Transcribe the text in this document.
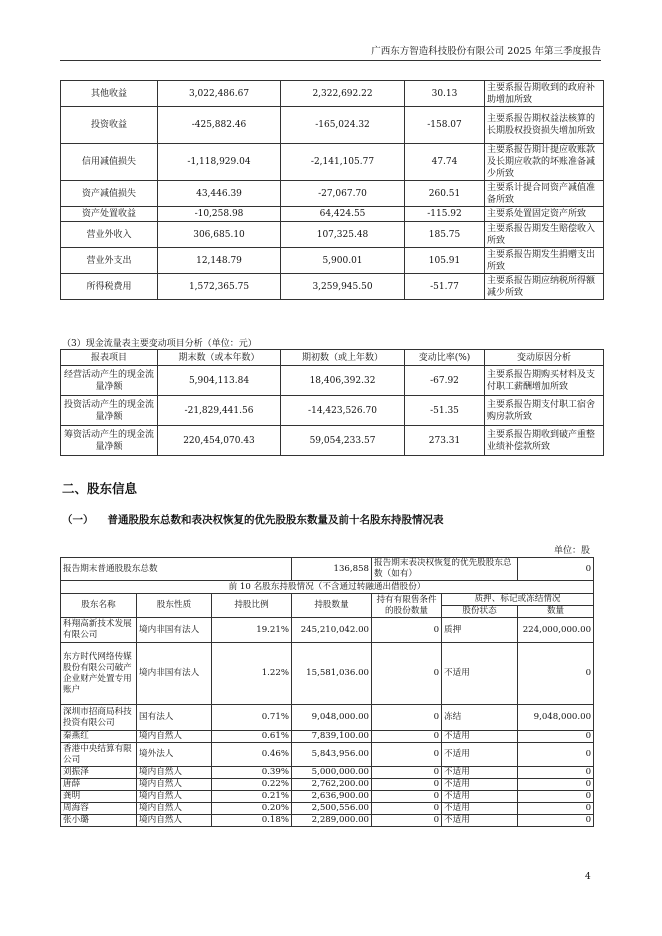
广西东方智造科技股份有限公司 2025 年第三季度报告
其他收益	3,022,486.67	2,322,692.22	30.13	主要系报告期收到的政府补助增加所致
投资收益	-425,882.46	-165,024.32	-158.07	主要系报告期权益法核算的长期股权投资损失增加所致
信用减值损失	-1,118,929.04	-2,141,105.77	47.74	主要系报告期计提应收账款及长期应收款的坏账准备减少所致
资产减值损失	43,446.39	-27,067.70	260.51	主要系计提合同资产减值准备所致
资产处置收益	-10,258.98	64,424.55	-115.92	主要系处置固定资产所致
营业外收入	306,685.10	107,325.48	185.75	主要系报告期发生赔偿收入所致
营业外支出	12,148.79	5,900.01	105.91	主要系报告期发生捐赠支出所致
所得税费用	1,572,365.75	3,259,945.50	-51.77	主要系报告期应纳税所得额减少所致
（3）现金流量表主要变动项目分析（单位：元）
报表项目	期末数（或本年数）	期初数（或上年数）	变动比率(%)	变动原因分析
经营活动产生的现金流量净额	5,904,113.84	18,406,392.32	-67.92	主要系报告期购买材料及支付职工薪酬增加所致
投资活动产生的现金流量净额	-21,829,441.56	-14,423,526.70	-51.35	主要系报告期支付职工宿舍购房款所致
筹资活动产生的现金流量净额	220,454,070.43	59,054,233.57	273.31	主要系报告期收到破产重整业绩补偿款所致
二、股东信息
（一） 普通股股东总数和表决权恢复的优先股股东数量及前十名股东持股情况表
单位：股
报告期末普通股股东总数			136,858	报告期末表决权恢复的优先股股东总数（如有）		0
前 10 名股东持股情况（不含通过转融通出借股份）						
股东名称	股东性质	持股比例	持股数量	持有有限售条件的股份数量	质押、标记或冻结情况	
					股份状态	数量
科翔高新技术发展有限公司	境内非国有法人	19.21%	245,210,042.00	0	质押	224,000,000.00
东方时代网络传媒股份有限公司破产企业财产处置专用账户	境内非国有法人	1.22%	15,581,036.00	0	不适用	0
深圳市招商局科技投资有限公司	国有法人	0.71%	9,048,000.00	0	冻结	9,048,000.00
秦燕红	境内自然人	0.61%	7,839,100.00	0	不适用	0
香港中央结算有限公司	境外法人	0.46%	5,843,956.00	0	不适用	0
刘振泽	境内自然人	0.39%	5,000,000.00	0	不适用	0
唐薛	境内自然人	0.22%	2,762,200.00	0	不适用	0
龚明	境内自然人	0.21%	2,636,900.00	0	不适用	0
周海容	境内自然人	0.20%	2,500,556.00	0	不适用	0
张小璐	境内自然人	0.18%	2,289,000.00	0	不适用	0
4
